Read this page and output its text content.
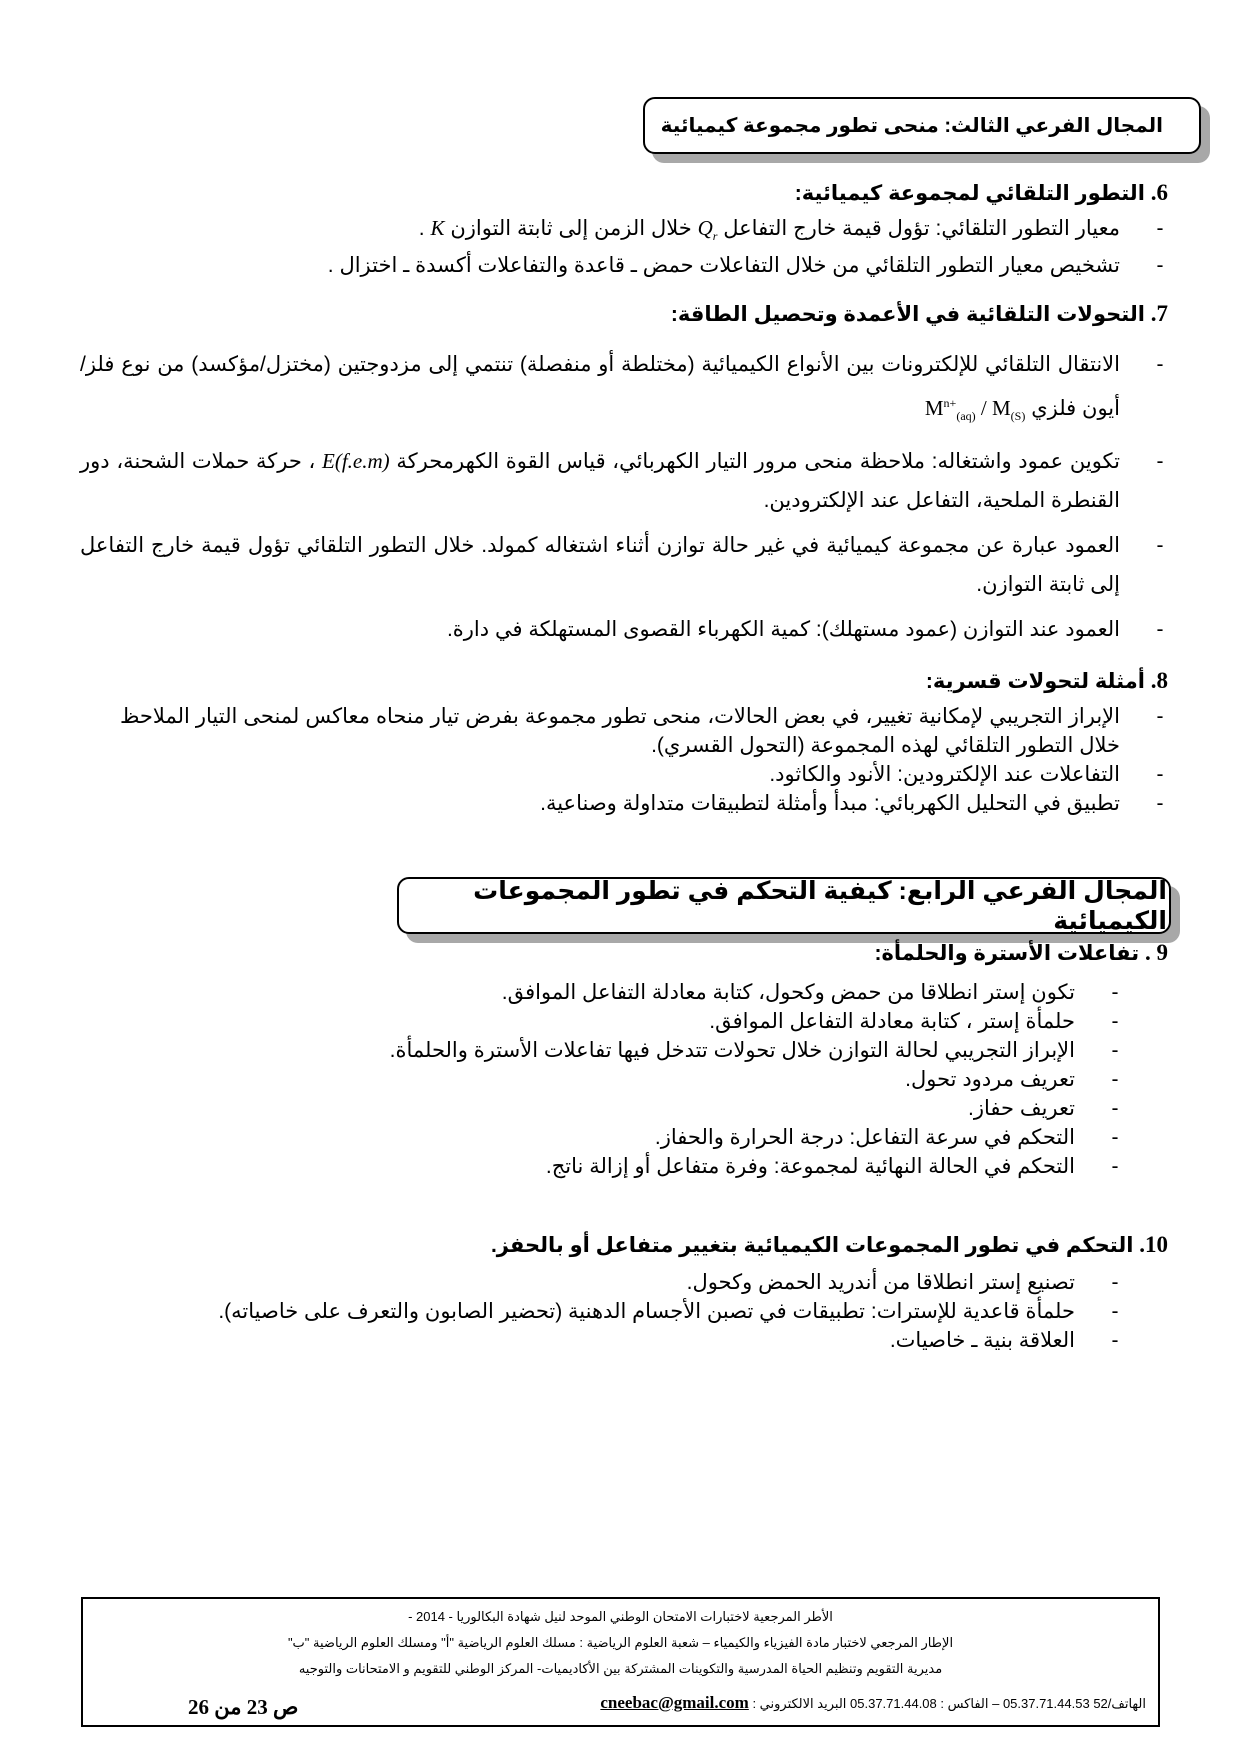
المجال الفرعي الثالث: منحى تطور مجموعة كيميائية
6. التطور التلقائي لمجموعة كيميائية:
-
معيار التطور التلقائي: تؤول قيمة خارج التفاعل $Q_r$ خلال الزمن إلى ثابتة التوازن K .
-
تشخيص معيار التطور التلقائي من خلال التفاعلات حمض ـ قاعدة والتفاعلات أكسدة ـ اختزال .
7. التحولات التلقائية في الأعمدة وتحصيل الطاقة:
-
الانتقال التلقائي للإلكترونات بين الأنواع الكيميائية (مختلطة أو منفصلة) تنتمي إلى مزدوجتين (مختزل/مؤكسد) من نوع فلز/أيون فلزي $M^{n+}_{(aq)} / M_{(S)}$
-
تكوين عمود واشتغاله: ملاحظة منحى مرور التيار الكهربائي، قياس القوة الكهرمحركة E(f.e.m) ، حركة حملات الشحنة، دور القنطرة الملحية، التفاعل عند الإلكترودين.
-
العمود عبارة عن مجموعة كيميائية في غير حالة توازن أثناء اشتغاله كمولد. خلال التطور التلقائي تؤول قيمة خارج التفاعل إلى ثابتة التوازن.
-
العمود عند التوازن (عمود مستهلك): كمية الكهرباء القصوى المستهلكة في دارة.
8. أمثلة لتحولات قسرية:
-
الإبراز التجريبي لإمكانية تغيير، في بعض الحالات، منحى تطور مجموعة بفرض تيار منحاه معاكس لمنحى التيار الملاحظ خلال التطور التلقائي لهذه المجموعة (التحول القسري).
-
التفاعلات عند الإلكترودين: الأنود والكاثود.
-
تطبيق في التحليل الكهربائي: مبدأ وأمثلة لتطبيقات متداولة وصناعية.
المجال الفرعي الرابع: كيفية التحكم في تطور المجموعات الكيميائية
9 . تفاعلات الأسترة والحلمأة:
-
تكون إستر انطلاقا من حمض وكحول، كتابة معادلة التفاعل الموافق.
-
حلمأة إستر ، كتابة معادلة التفاعل الموافق.
-
الإبراز التجريبي لحالة التوازن خلال تحولات تتدخل فيها تفاعلات الأسترة والحلمأة.
-
تعريف مردود تحول.
-
تعريف حفاز.
-
التحكم في سرعة التفاعل: درجة الحرارة والحفاز.
-
التحكم في الحالة النهائية لمجموعة: وفرة متفاعل أو إزالة ناتج.
10. التحكم في تطور المجموعات الكيميائية بتغيير متفاعل أو بالحفز.
-
تصنيع إستر انطلاقا من أندريد الحمض وكحول.
-
حلمأة قاعدية للإسترات: تطبيقات في تصبن الأجسام الدهنية (تحضير الصابون والتعرف على خاصياته).
-
العلاقة بنية ـ خاصيات.
الأطر المرجعية لاختبارات الامتحان الوطني الموحد لنيل شهادة البكالوريا - 2014 -
الإطار المرجعي لاختبار مادة الفيزياء والكيمياء – شعبة العلوم الرياضية : مسلك العلوم الرياضية "أ" ومسلك العلوم الرياضية "ب"
مديرية التقويم وتنظيم الحياة المدرسية والتكوينات المشتركة بين الأكاديميات- المركز الوطني للتقويم و الامتحانات والتوجيه
الهاتف/52 05.37.71.44.53 – الفاكس : 05.37.71.44.08 البريد الالكتروني : cneebac@gmail.com
ص 23 من 26
